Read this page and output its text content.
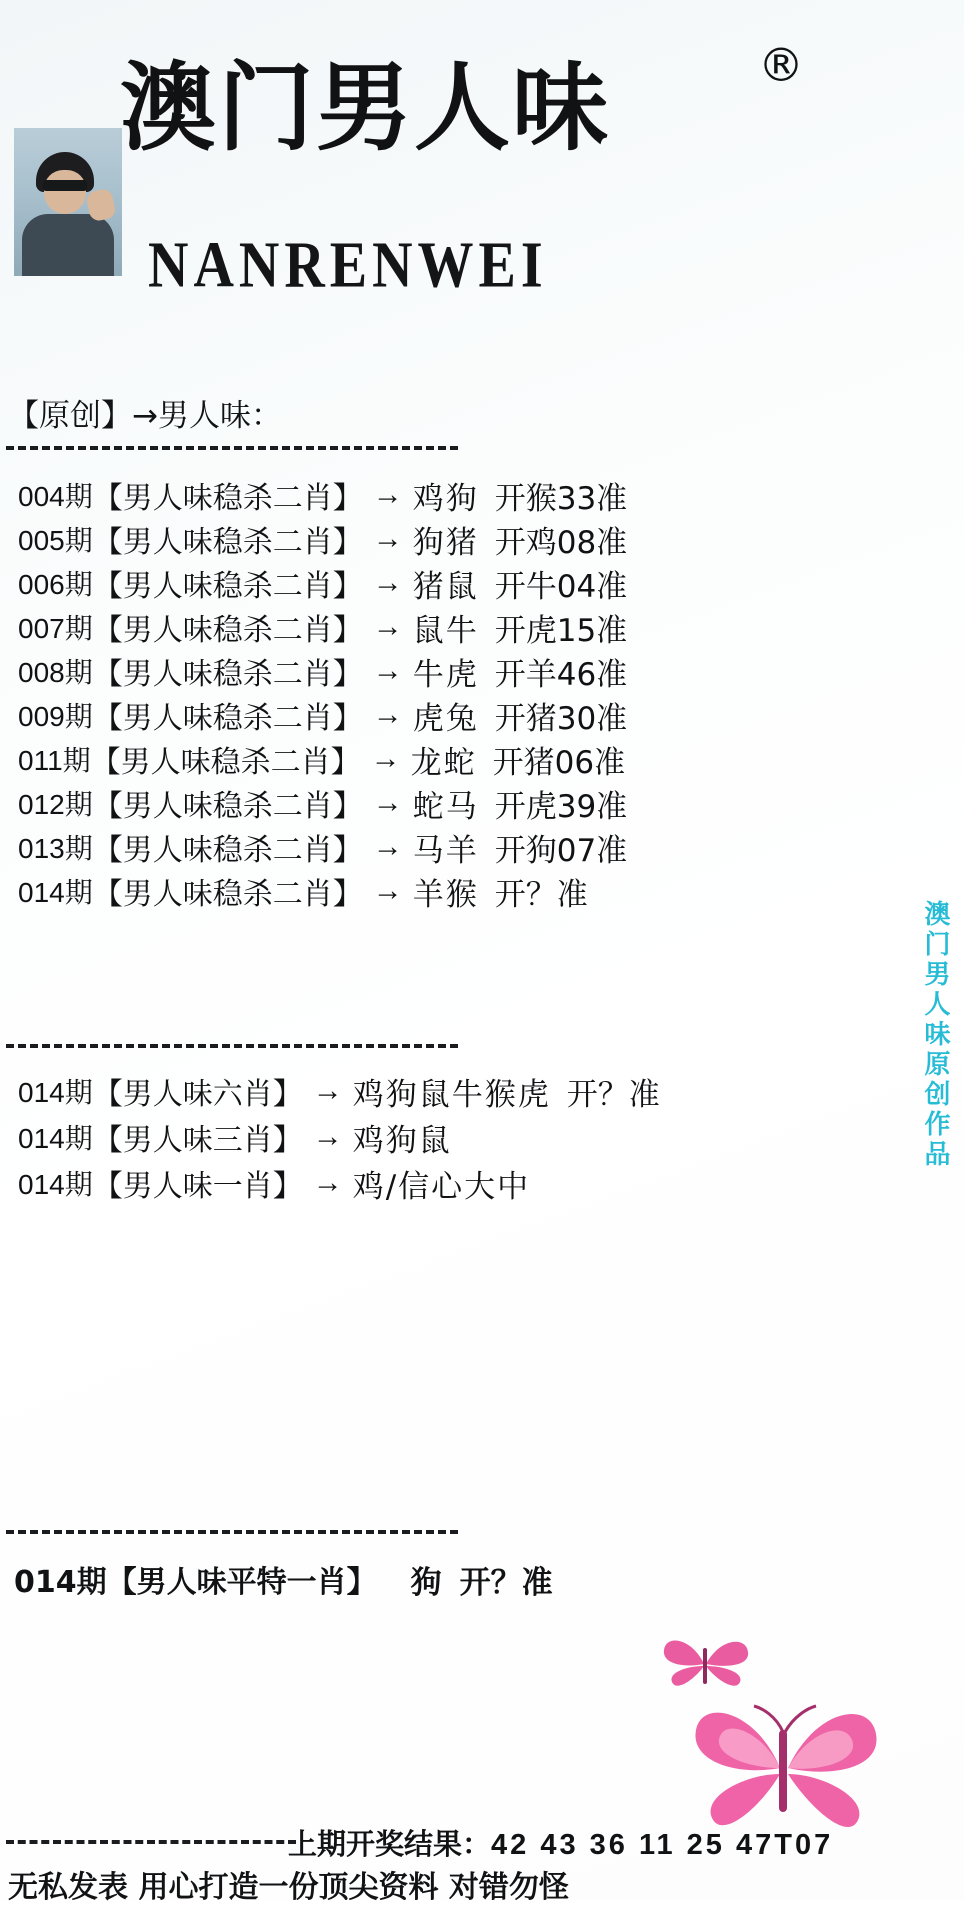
澳门男人味	®
NANRENWEI
【原创】→男人味：
004期 【男人味稳杀二肖】 → 鸡狗 开猴33准
005期 【男人味稳杀二肖】 → 狗猪 开鸡08准
006期 【男人味稳杀二肖】 → 猪鼠 开牛04准
007期 【男人味稳杀二肖】 → 鼠牛 开虎15准
008期 【男人味稳杀二肖】 → 牛虎 开羊46准
009期 【男人味稳杀二肖】 → 虎兔 开猪30准
011期 【男人味稳杀二肖】 → 龙蛇 开猪06准
012期 【男人味稳杀二肖】 → 蛇马 开虎39准
013期 【男人味稳杀二肖】 → 马羊 开狗07准
014期 【男人味稳杀二肖】 → 羊猴 开？准
014期 【男人味六肖】 → 鸡狗鼠牛猴虎 开？准
014期 【男人味三肖】 → 鸡狗鼠
014期 【男人味一肖】 → 鸡/信心大中
014期 【男人味平特一肖】	狗 开？准
澳门男人味原创作品
上期开奖结果：42 43 36 11 25 47T07
无私发表 用心打造一份顶尖资料 对错勿怪
